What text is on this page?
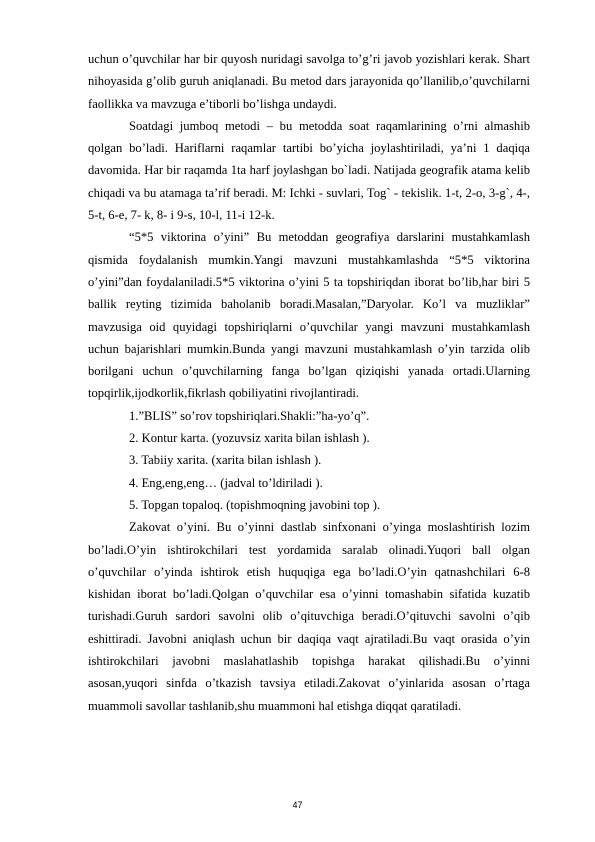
uchun o’quvchilar har bir quyosh nuridagi savolga to’g’ri javob yozishlari kerak. Shart nihoyasida g’olib guruh aniqlanadi. Bu metod dars jarayonida qo’llanilib,o’quvchilarni faollikka va mavzuga e’tiborli bo’lishga undaydi.

Soatdagi jumboq metodi – bu metodda soat raqamlarining o’rni almashib qolgan bo’ladi. Hariflarni raqamlar tartibi bo’yicha joylashtiriladi, ya’ni 1 daqiqa davomida. Har bir raqamda 1ta harf joylashgan bo`ladi. Natijada geografik atama kelib chiqadi va bu atamaga ta’rif beradi. M: Ichki - suvlari, Tog` - tekislik. 1-t, 2-o, 3-g`, 4-, 5-t, 6-e, 7- k, 8- i 9-s, 10-l, 11-i 12-k.

“5*5 viktorina o’yini” Bu metoddan geografiya darslarini mustahkamlash qismida foydalanish mumkin.Yangi mavzuni mustahkamlashda “5*5 viktorina o’yini”dan foydalaniladi.5*5 viktorina o’yini 5 ta topshiriqdan iborat bo’lib,har biri 5 ballik reyting tizimida baholanib boradi.Masalan,”Daryolar. Ko’l va muzliklar” mavzusiga oid quyidagi topshiriqlarni o’quvchilar yangi mavzuni mustahkamlash uchun bajarishlari mumkin.Bunda yangi mavzuni mustahkamlash o’yin tarzida olib borilgani uchun o’quvchilarning fanga bo’lgan qiziqishi yanada ortadi.Ularning topqirlik,ijodkorlik,fikrlash qobiliyatini rivojlantiradi.

1.”BLIS” so’rov topshiriqlari.Shakli:”ha-yo’q”.

2. Kontur karta. (yozuvsiz xarita bilan ishlash ).

3. Tabiiy xarita. (xarita bilan ishlash ).

4. Eng,eng,eng… (jadval to’ldiriladi ).

5. Topgan topaloq. (topishmoqning javobini top ).

Zakovat o’yini. Bu o’yinni dastlab sinfxonani o’yinga moslashtirish lozim bo’ladi.O’yin ishtirokchilari test yordamida saralab olinadi.Yuqori ball olgan o’quvchilar o’yinda ishtirok etish huquqiga ega bo’ladi.O’yin qatnashchilari 6-8 kishidan iborat bo’ladi.Qolgan o’quvchilar esa o’yinni tomashabin sifatida kuzatib turishadi.Guruh sardori savolni olib o’qituvchiga beradi.O’qituvchi savolni o’qib eshittiradi. Javobni aniqlash uchun bir daqiqa vaqt ajratiladi.Bu vaqt orasida o’yin ishtirokchilari javobni maslahatlashib topishga harakat qilishadi.Bu o’yinni asosan,yuqori sinfda o’tkazish tavsiya etiladi.Zakovat o’yinlarida asosan o’rtaga muammoli savollar tashlanib,shu muammoni hal etishga diqqat qaratiladi.

47
